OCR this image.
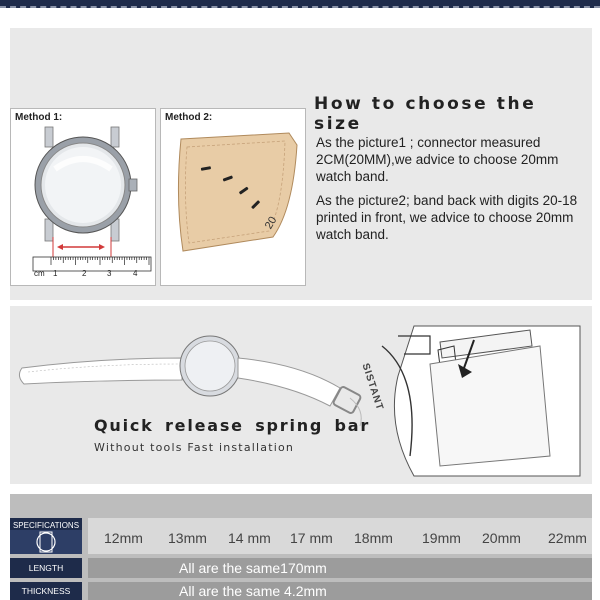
Method 1:
cm 1	2	3	4
Method 2:
20
How to choose the size

As the picture1 ; connector measured 2CM(20MM),we advice to choose 20mm watch band.

As the picture2; band back with digits 20-18 printed in front, we advice to choose 20mm watch band.

SISTANT
Quick release spring bar
Without tools Fast installation
SPECIFICATIONS
12mm 13mm 14 mm 17 mm 18mm 19mm 20mm 22mm
LENGTH	All are the same170mm
THICKNESS	All are the same 4.2mm
